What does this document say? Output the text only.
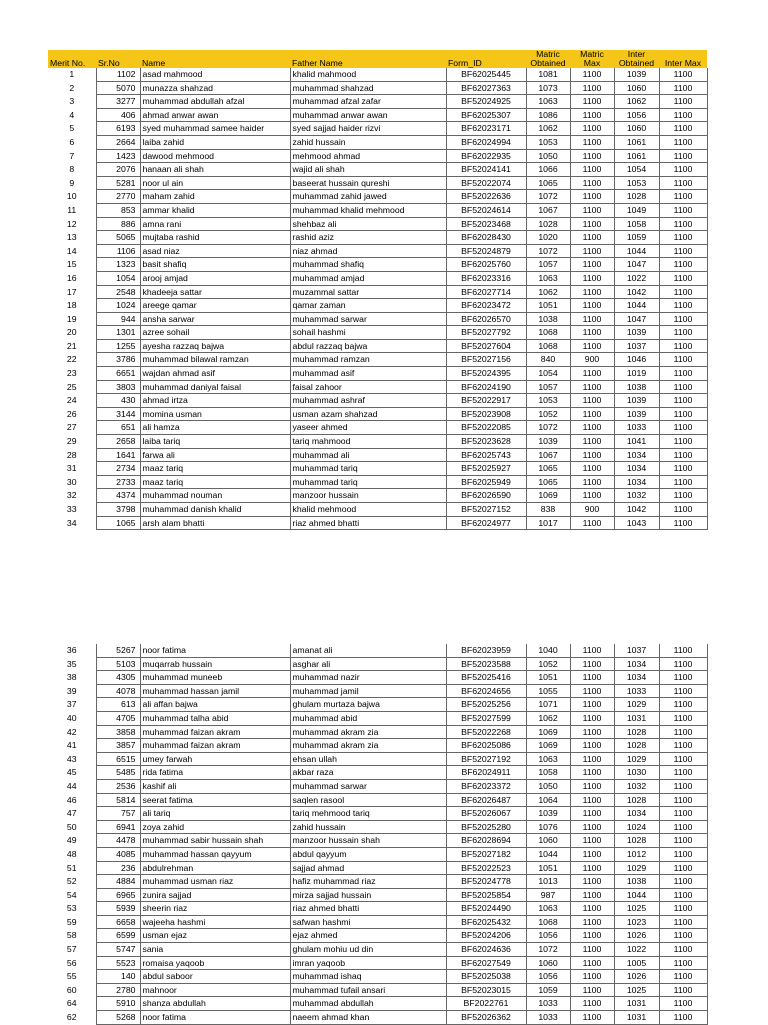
Merit No.	Sr.No	Name	Father Name	Form_ID	Matric Obtained	Matric Max	Inter Obtained	Inter Max
1	1102	asad mahmood	khalid mahmood	BF62025445	1081	1100	1039	1100
2	5070	munazza shahzad	muhammad shahzad	BF62027363	1073	1100	1060	1100
3	3277	muhammad abdullah afzal	muhammad afzal zafar	BF52024925	1063	1100	1062	1100
4	406	ahmad anwar awan	muhammad anwar awan	BF62025307	1086	1100	1056	1100
5	6193	syed muhammad samee haider	syed sajjad haider rizvi	BF62023171	1062	1100	1060	1100
6	2664	laiba zahid	zahid hussain	BF62024994	1053	1100	1061	1100
7	1423	dawood mehmood	mehmood ahmad	BF62022935	1050	1100	1061	1100
8	2076	hanaan ali shah	wajid ali shah	BF52024141	1066	1100	1054	1100
9	5281	noor ul ain	baseerat hussain qureshi	BF52022074	1065	1100	1053	1100
10	2770	maham zahid	muhammad zahid jawed	BF52022636	1072	1100	1028	1100
11	853	ammar khalid	muhammad khalid mehmood	BF52024614	1067	1100	1049	1100
12	886	amna rani	shehbaz ali	BF52023468	1028	1100	1058	1100
13	5065	mujtaba rashid	rashid aziz	BF62028430	1020	1100	1059	1100
14	1106	asad niaz	niaz ahmad	BF52024879	1072	1100	1044	1100
15	1323	basit shafiq	muhammad shafiq	BF62025760	1057	1100	1047	1100
16	1054	arooj amjad	muhammad amjad	BF62023316	1063	1100	1022	1100
17	2548	khadeeja sattar	muzammal sattar	BF62027714	1062	1100	1042	1100
18	1024	areege qamar	qamar zaman	BF62023472	1051	1100	1044	1100
19	944	ansha sarwar	muhammad sarwar	BF62026570	1038	1100	1047	1100
20	1301	azree sohail	sohail hashmi	BF52027792	1068	1100	1039	1100
21	1255	ayesha razzaq bajwa	abdul razzaq bajwa	BF52027604	1068	1100	1037	1100
22	3786	muhammad bilawal ramzan	muhammad ramzan	BF52027156	840	900	1046	1100
23	6651	wajdan ahmad asif	muhammad asif	BF52024395	1054	1100	1019	1100
25	3803	muhammad daniyal faisal	faisal zahoor	BF62024190	1057	1100	1038	1100
24	430	ahmad irtza	muhammad ashraf	BF52022917	1053	1100	1039	1100
26	3144	momina usman	usman azam shahzad	BF52023908	1052	1100	1039	1100
27	651	ali hamza	yaseer ahmed	BF52022085	1072	1100	1033	1100
29	2658	laiba tariq	tariq mahmood	BF52023628	1039	1100	1041	1100
28	1641	farwa ali	muhammad ali	BF62025743	1067	1100	1034	1100
31	2734	maaz tariq	muhammad tariq	BF52025927	1065	1100	1034	1100
30	2733	maaz tariq	muhammad tariq	BF62025949	1065	1100	1034	1100
32	4374	muhammad nouman	manzoor hussain	BF62026590	1069	1100	1032	1100
33	3798	muhammad danish khalid	khalid mehmood	BF52027152	838	900	1042	1100
34	1065	arsh alam bhatti	riaz ahmed bhatti	BF62024977	1017	1100	1043	1100
36	5267	noor fatima	amanat ali	BF62023959	1040	1100	1037	1100
35	5103	muqarrab hussain	asghar ali	BF52023588	1052	1100	1034	1100
38	4305	muhammad muneeb	muhammad nazir	BF52025416	1051	1100	1034	1100
39	4078	muhammad hassan jamil	muhammad jamil	BF62024656	1055	1100	1033	1100
37	613	ali affan bajwa	ghulam murtaza bajwa	BF52025256	1071	1100	1029	1100
40	4705	muhammad talha abid	muhammad abid	BF52027599	1062	1100	1031	1100
42	3858	muhammad faizan akram	muhammad akram zia	BF52022268	1069	1100	1028	1100
41	3857	muhammad faizan akram	muhammad akram zia	BF62025086	1069	1100	1028	1100
43	6515	umey farwah	ehsan ullah	BF52027192	1063	1100	1029	1100
45	5485	rida fatima	akbar raza	BF62024911	1058	1100	1030	1100
44	2536	kashif ali	muhammad sarwar	BF62023372	1050	1100	1032	1100
46	5814	seerat fatima	saqlen rasool	BF62026487	1064	1100	1028	1100
47	757	ali tariq	tariq mehmood tariq	BF52026067	1039	1100	1034	1100
50	6941	zoya zahid	zahid hussain	BF52025280	1076	1100	1024	1100
49	4478	muhammad sabir hussain shah	manzoor hussain shah	BF62028694	1060	1100	1028	1100
48	4085	muhammad hassan qayyum	abdul qayyum	BF52027182	1044	1100	1012	1100
51	236	abdulrehman	sajjad ahmad	BF52022523	1051	1100	1029	1100
52	4884	muhammad usman riaz	hafiz muhammad riaz	BF52024778	1013	1100	1038	1100
54	6965	zunira sajjad	mirza sajjad hussain	BF52025854	987	1100	1044	1100
53	5939	sheerin riaz	riaz ahmed bhatti	BF52024490	1063	1100	1025	1100
59	6658	wajeeha hashmi	safwan hashmi	BF62025432	1068	1100	1023	1100
58	6599	usman ejaz	ejaz ahmed	BF52024206	1056	1100	1026	1100
57	5747	sania	ghulam mohiu ud din	BF62024636	1072	1100	1022	1100
56	5523	romaisa yaqoob	imran yaqoob	BF62027549	1060	1100	1005	1100
55	140	abdul saboor	muhammad ishaq	BF52025038	1056	1100	1026	1100
60	2780	mahnoor	muhammad tufail ansari	BF52023015	1059	1100	1025	1100
64	5910	shanza abdullah	muhammad abdullah	BF2022761	1033	1100	1031	1100
62	5268	noor fatima	naeem ahmad khan	BF52026362	1033	1100	1031	1100
